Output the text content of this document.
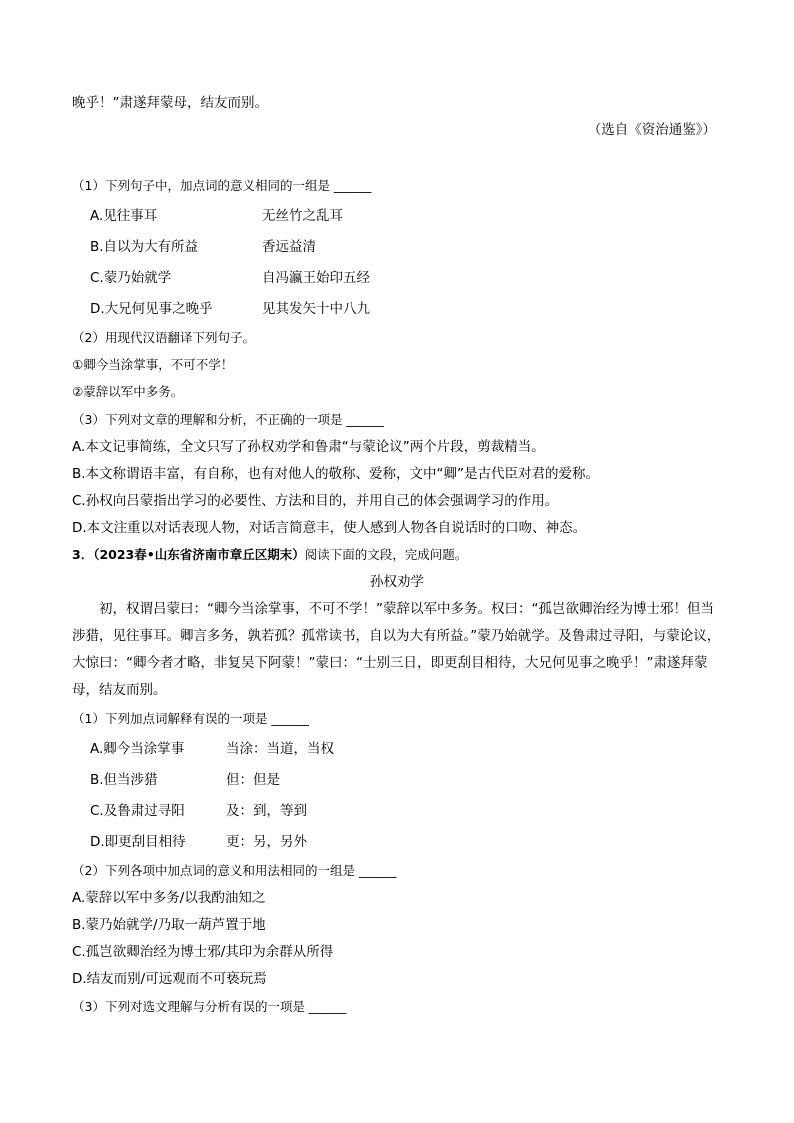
晚乎！”肃遂拜蒙母，结友而别。
（选自《资治通鉴》）
（1）下列句子中，加点词的意义相同的一组是 ______
A.见往事耳	无丝竹之乱耳
B.自以为大有所益	香远益清
C.蒙乃始就学	自冯瀛王始印五经
D.大兄何见事之晚乎	见其发矢十中八九
（2）用现代汉语翻译下列句子。
①卿今当涂掌事，不可不学！
②蒙辞以军中多务。
（3）下列对文章的理解和分析，不正确的一项是 ______
A.本文记事简练，全文只写了孙权劝学和鲁肃“与蒙论议”两个片段，剪裁精当。
B.本文称谓语丰富，有自称，也有对他人的敬称、爱称，文中“卿”是古代臣对君的爱称。
C.孙权向吕蒙指出学习的必要性、方法和目的，并用自己的体会强调学习的作用。
D.本文注重以对话表现人物，对话言简意丰，使人感到人物各自说话时的口吻、神态。
3．（2023春•山东省济南市章丘区期末）阅读下面的文段，完成问题。
孙权劝学
初，权谓吕蒙曰：“卿今当涂掌事，不可不学！”蒙辞以军中多务。权曰：“孤岂欲卿治经为博士邪！但当涉猎，见往事耳。卿言多务，孰若孤？孤常读书，自以为大有所益。”蒙乃始就学。及鲁肃过寻阳，与蒙论议，大惊曰：“卿今者才略，非复吴下阿蒙！”蒙曰：“士别三日，即更刮目相待，大兄何见事之晚乎！”肃遂拜蒙母，结友而别。
（1）下列加点词解释有误的一项是 ______
A.卿今当涂掌事	当涂：当道，当权
B.但当涉猎	但：但是
C.及鲁肃过寻阳	及：到，等到
D.即更刮目相待	更：另，另外
（2）下列各项中加点词的意义和用法相同的一组是 ______
A.蒙辞以军中多务/以我酌油知之
B.蒙乃始就学/乃取一葫芦置于地
C.孤岂欲卿治经为博士邪/其印为余群从所得
D.结友而别/可远观而不可亵玩焉
（3）下列对选文理解与分析有误的一项是 ______
